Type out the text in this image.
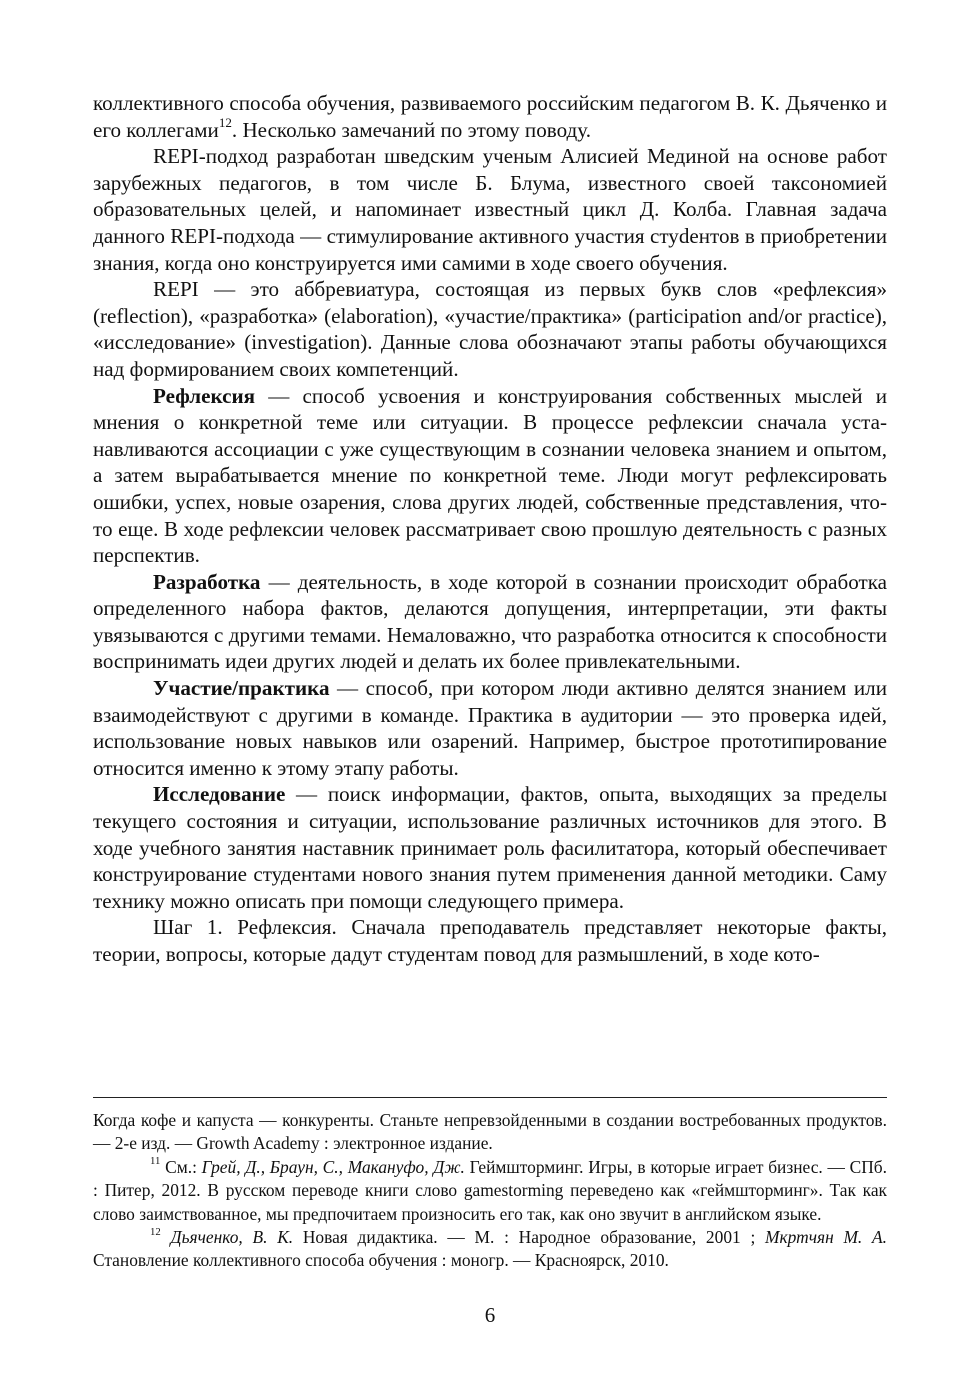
коллективного способа обучения, развиваемого российским педагогом В. К. Дьяченко и его коллегами$^{12}$. Несколько замечаний по этому поводу.

REPI-подход разработан шведским ученым Алисией Мединой на основе работ зарубежных педагогов, в том числе Б. Блума, известного своей таксономией образовательных целей, и напоминает известный цикл Д. Колба. Главная задача данного REPI-подхода — стимулирование активного участия стуdентов в приобретении знания, когда оно конструируется ими самими в ходе своего обучения.

REPI — это аббревиатура, состоящая из первых букв слов «рефлексия» (reflection), «разработка» (elaboration), «участие/практика» (participation and/or practice), «исследование» (investigation). Данные слова обозначают этапы работы обучающихся над формированием своих компетенций.

Рефлексия — способ усвоения и конструирования собственных мыслей и мнения о конкретной теме или ситуации. В процессе рефлексии сначала устанавливаются ассоциации с уже существующим в сознании человека знанием и опытом, а затем вырабатывается мнение по конкретной теме. Люди могут рефлексировать ошибки, успех, новые озарения, слова других людей, собственные представления, что-то еще. В ходе рефлексии человек рассматривает свою прошлую деятельность с разных перспектив.

Разработка — деятельность, в ходе которой в сознании происходит обработка определенного набора фактов, делаются допущения, интерпретации, эти факты увязываются с другими темами. Немаловажно, что разработка относится к способности воспринимать идеи других людей и делать их более привлекательными.

Участие/практика — способ, при котором люди активно делятся знанием или взаимодействуют с другими в команде. Практика в аудитории — это проверка идей, использование новых навыков или озарений. Например, быстрое прототипирование относится именно к этому этапу работы.

Исследование — поиск информации, фактов, опыта, выходящих за пределы текущего состояния и ситуации, использование различных источников для этого. В ходе учебного занятия наставник принимает роль фасилитатора, который обеспечивает конструирование студентами нового знания путем применения данной методики. Саму технику можно описать при помощи следующего примера.

Шаг 1. Рефлексия. Сначала преподаватель представляет некоторые факты, теории, вопросы, которые дадут студентам повод для размышлений, в ходе кото-

Когда кофе и капуста — конкуренты. Станьте непревзойденными в создании востребованных продуктов. — 2-е изд. — Growth Academy : электронное издание.

$^{11}$ См.: Грей, Д., Браун, С., Макануфо, Дж. Геймшторминг. Игры, в которые играет бизнес. — СПб. : Питер, 2012. В русском переводе книги слово gamestorming переведено как «геймшторминг». Так как слово заимствованное, мы предпочитаем произносить его так, как оно звучит в английском языке.

$^{12}$ Дьяченко, В. К. Новая дидактика. — М. : Народное образование, 2001 ; Мкртчян М. А. Становление коллективного способа обучения : моногр. — Красноярск, 2010.

6
